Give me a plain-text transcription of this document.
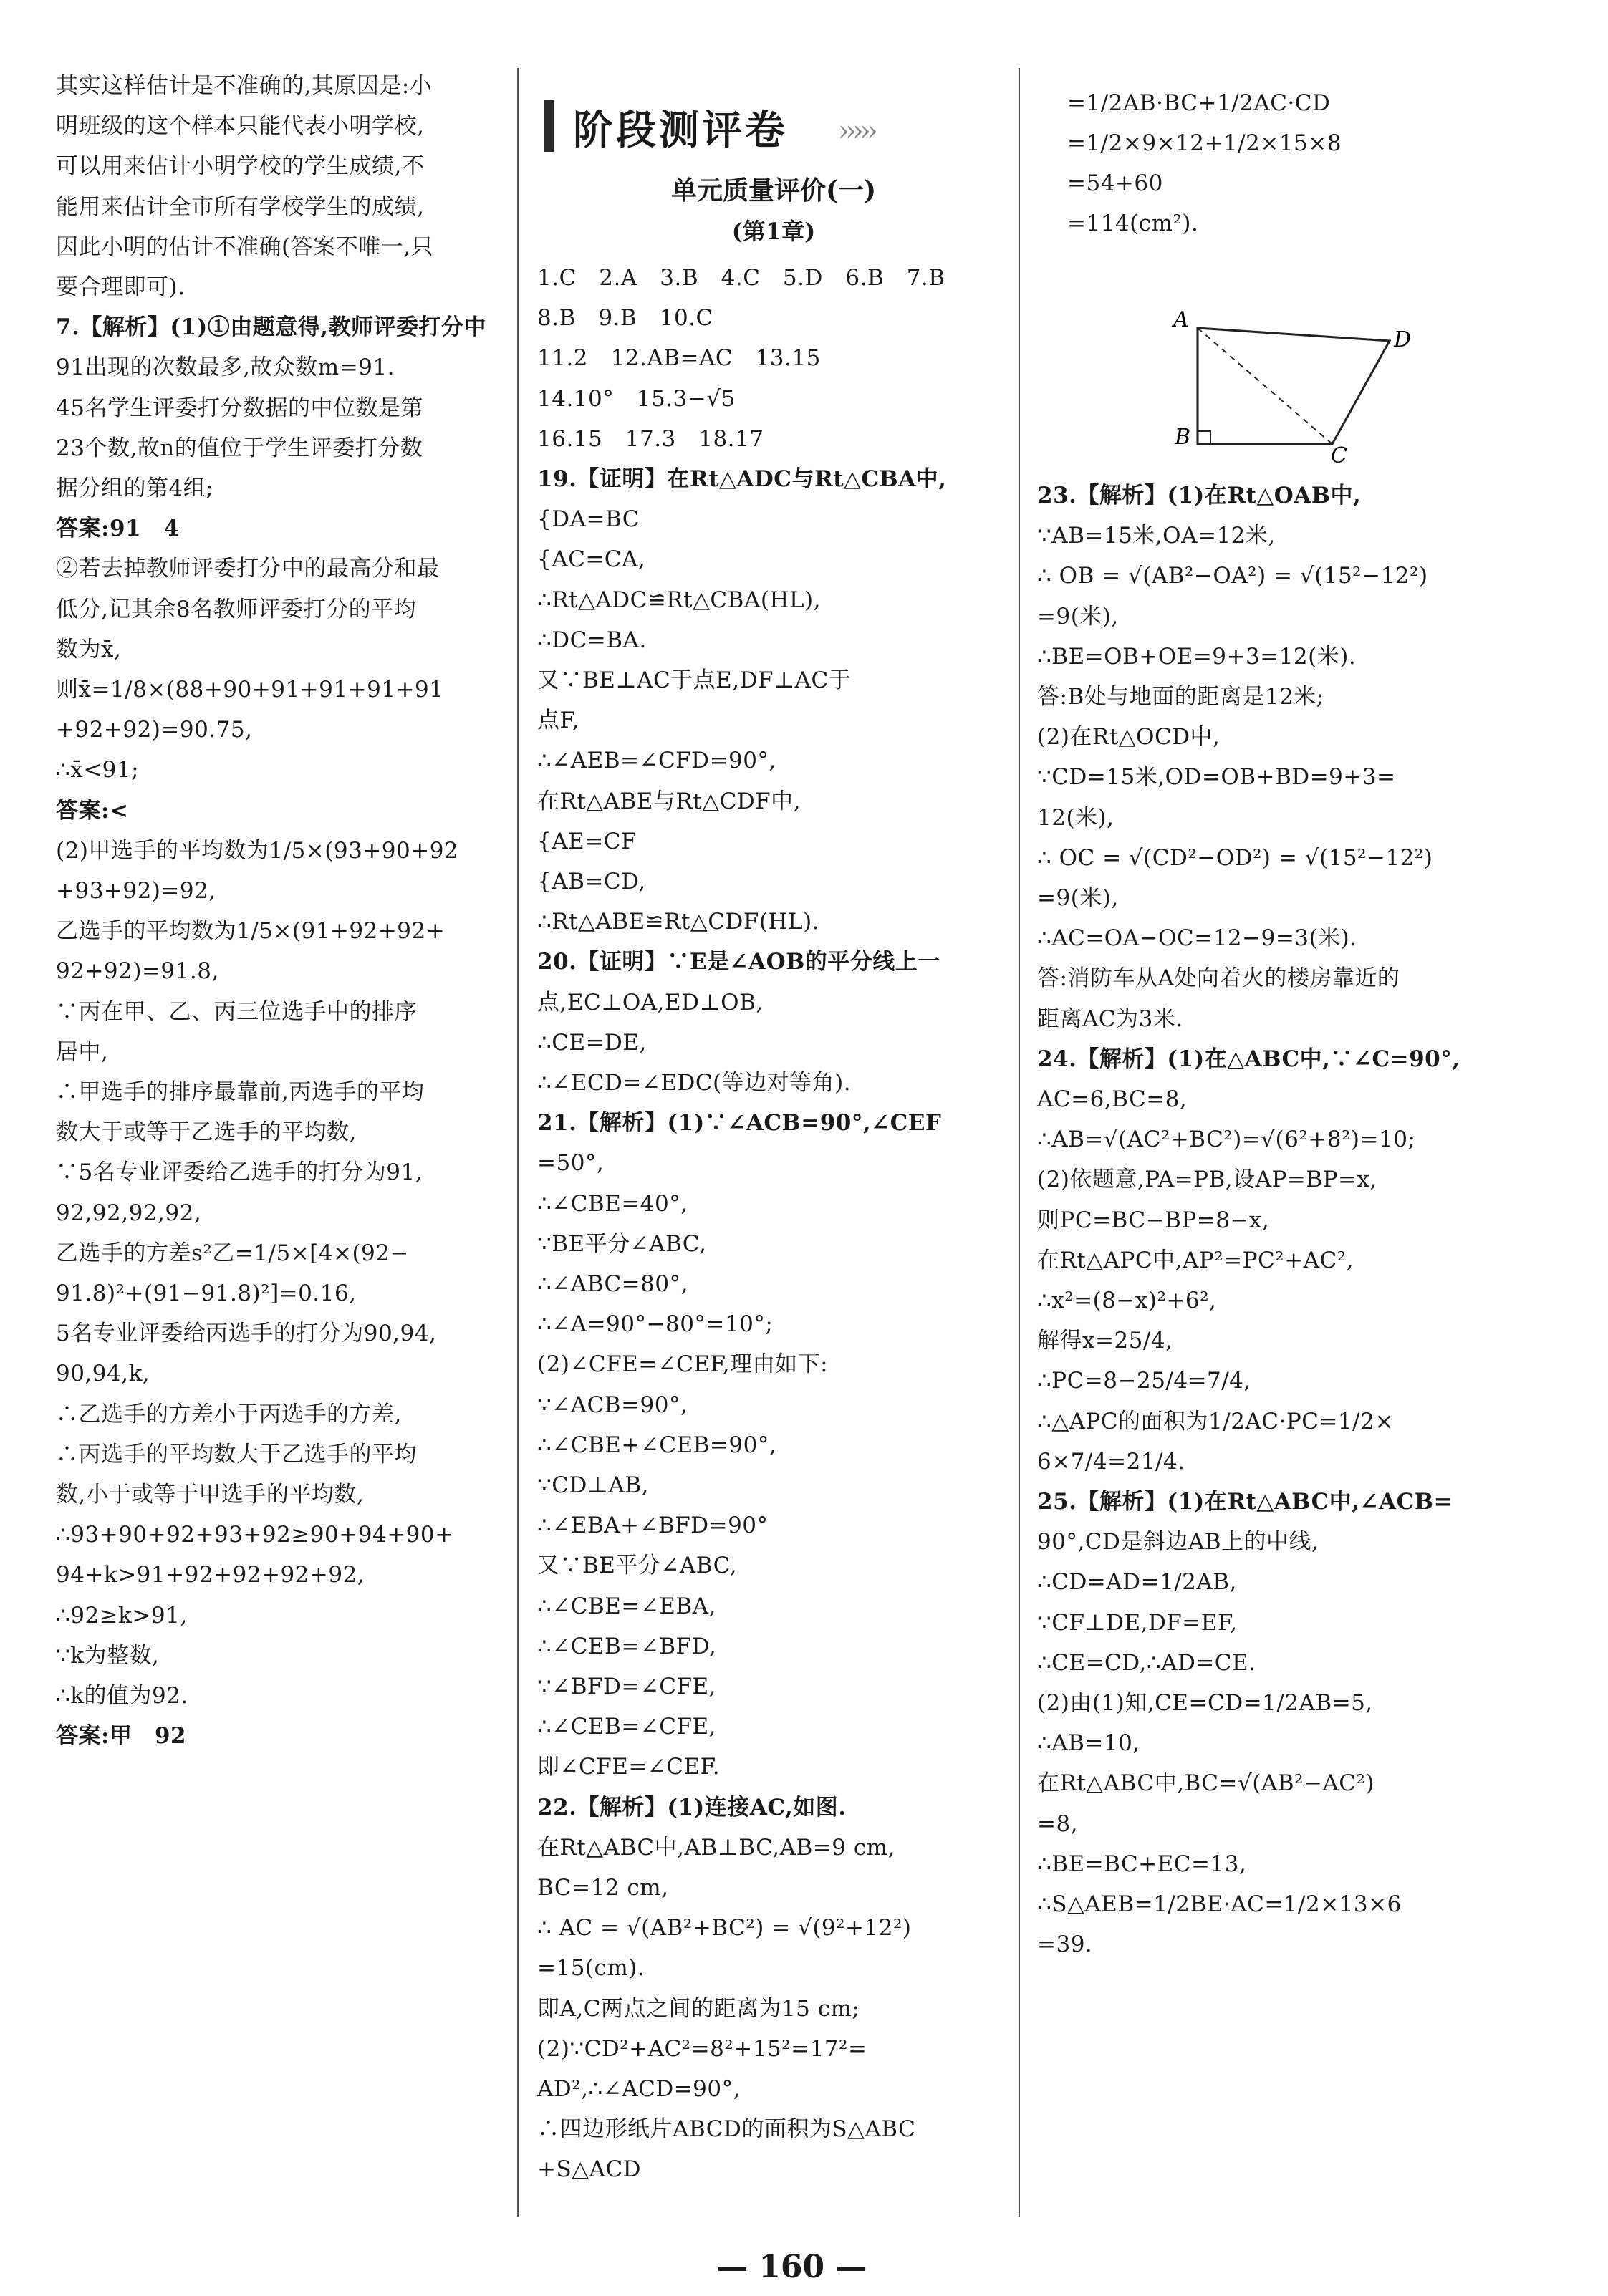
阶段测评卷 ›››››
单元质量评价(一)
(第1章)
其实这样估计是不准确的,其原因是:小
明班级的这个样本只能代表小明学校,
可以用来估计小明学校的学生成绩,不
能用来估计全市所有学校学生的成绩,
因此小明的估计不准确(答案不唯一,只
要合理即可).
7.【解析】(1)①由题意得,教师评委打分中
91出现的次数最多,故众数m=91.
45名学生评委打分数据的中位数是第
23个数,故n的值位于学生评委打分数
据分组的第4组;
答案:91　4
②若去掉教师评委打分中的最高分和最
低分,记其余8名教师评委打分的平均
数为x̄,
则x̄=1/8×(88+90+91+91+91+91
+92+92)=90.75,
∴x̄<91;
答案:<
(2)甲选手的平均数为1/5×(93+90+92
+93+92)=92,
乙选手的平均数为1/5×(91+92+92+
92+92)=91.8,
∵丙在甲、乙、丙三位选手中的排序
居中,
∴甲选手的排序最靠前,丙选手的平均
数大于或等于乙选手的平均数,
∵5名专业评委给乙选手的打分为91,
92,92,92,92,
乙选手的方差s²乙=1/5×[4×(92−
91.8)²+(91−91.8)²]=0.16,
5名专业评委给丙选手的打分为90,94,
90,94,k,
∴乙选手的方差小于丙选手的方差,
∴丙选手的平均数大于乙选手的平均
数,小于或等于甲选手的平均数,
∴93+90+92+93+92≥90+94+90+
94+k>91+92+92+92+92,
∴92≥k>91,
∵k为整数,
∴k的值为92.
答案:甲　92
1.C　2.A　3.B　4.C　5.D　6.B　7.B
8.B　9.B　10.C
11.2　12.AB=AC　13.15
14.10°　15.3−√5
16.15　17.3　18.17
19.【证明】在Rt△ADC与Rt△CBA中,
{DA=BC
{AC=CA,
∴Rt△ADC≌Rt△CBA(HL),
∴DC=BA.
又∵BE⊥AC于点E,DF⊥AC于
点F,
∴∠AEB=∠CFD=90°,
在Rt△ABE与Rt△CDF中,
{AE=CF
{AB=CD,
∴Rt△ABE≌Rt△CDF(HL).
20.【证明】∵E是∠AOB的平分线上一
点,EC⊥OA,ED⊥OB,
∴CE=DE,
∴∠ECD=∠EDC(等边对等角).
21.【解析】(1)∵∠ACB=90°,∠CEF
=50°,
∴∠CBE=40°,
∵BE平分∠ABC,
∴∠ABC=80°,
∴∠A=90°−80°=10°;
(2)∠CFE=∠CEF,理由如下:
∵∠ACB=90°,
∴∠CBE+∠CEB=90°,
∵CD⊥AB,
∴∠EBA+∠BFD=90°
又∵BE平分∠ABC,
∴∠CBE=∠EBA,
∴∠CEB=∠BFD,
∵∠BFD=∠CFE,
∴∠CEB=∠CFE,
即∠CFE=∠CEF.
22.【解析】(1)连接AC,如图.
在Rt△ABC中,AB⊥BC,AB=9 cm,
BC=12 cm,
∴ AC = √(AB²+BC²) = √(9²+12²)
=15(cm).
即A,C两点之间的距离为15 cm;
(2)∵CD²+AC²=8²+15²=17²=
AD²,∴∠ACD=90°,
∴四边形纸片ABCD的面积为S△ABC
+S△ACD
=1/2AB·BC+1/2AC·CD
=1/2×9×12+1/2×15×8
=54+60
=114(cm²).
23.【解析】(1)在Rt△OAB中,
∵AB=15米,OA=12米,
∴ OB = √(AB²−OA²) = √(15²−12²)
=9(米),
∴BE=OB+OE=9+3=12(米).
答:B处与地面的距离是12米;
(2)在Rt△OCD中,
∵CD=15米,OD=OB+BD=9+3=
12(米),
∴ OC = √(CD²−OD²) = √(15²−12²)
=9(米),
∴AC=OA−OC=12−9=3(米).
答:消防车从A处向着火的楼房靠近的
距离AC为3米.
24.【解析】(1)在△ABC中,∵∠C=90°,
AC=6,BC=8,
∴AB=√(AC²+BC²)=√(6²+8²)=10;
(2)依题意,PA=PB,设AP=BP=x,
则PC=BC−BP=8−x,
在Rt△APC中,AP²=PC²+AC²,
∴x²=(8−x)²+6²,
解得x=25/4,
∴PC=8−25/4=7/4,
∴△APC的面积为1/2AC·PC=1/2×
6×7/4=21/4.
25.【解析】(1)在Rt△ABC中,∠ACB=
90°,CD是斜边AB上的中线,
∴CD=AD=1/2AB,
∵CF⊥DE,DF=EF,
∴CE=CD,∴AD=CE.
(2)由(1)知,CE=CD=1/2AB=5,
∴AB=10,
在Rt△ABC中,BC=√(AB²−AC²)
=8,
∴BE=BC+EC=13,
∴S△AEB=1/2BE·AC=1/2×13×6
=39.
A
B
C
D
— 160 —
